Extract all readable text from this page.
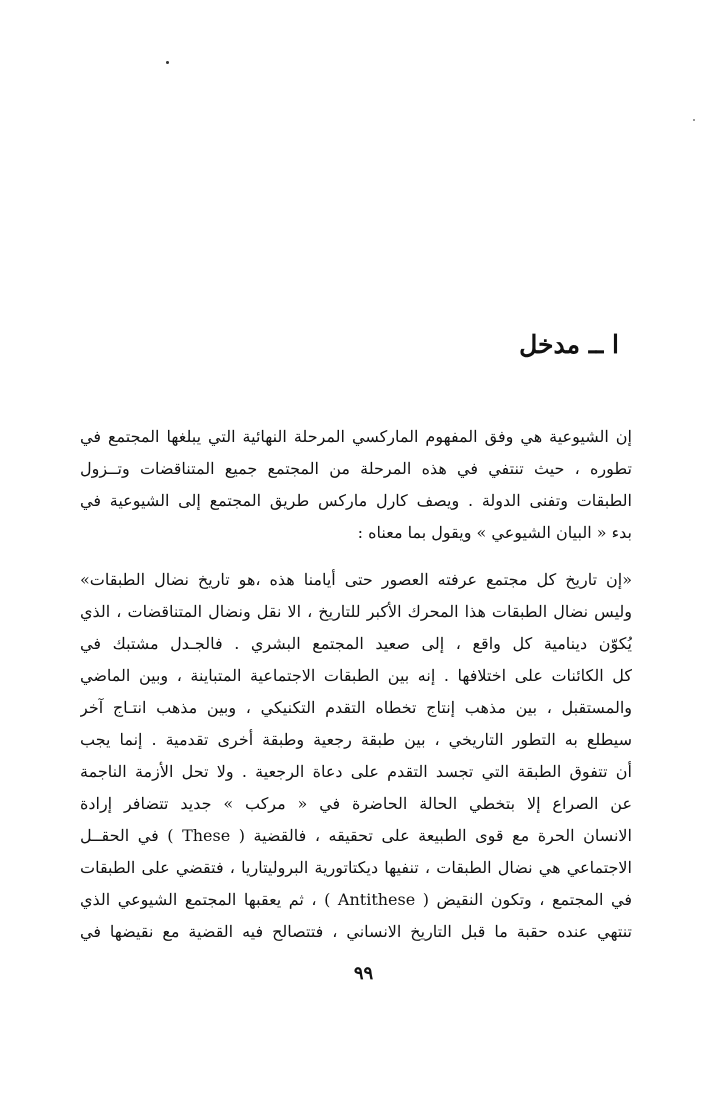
ا ــ مدخل
إن الشيوعية هي وفق المفهوم الماركسي المرحلة النهائية التي يبلغها المجتمع في
تطوره ، حيث تنتفي في هذه المرحلة من المجتمع جميع المتناقضات وتــزول
الطبقات وتفنى الدولة . ويصف كارل ماركس طريق المجتمع إلى الشيوعية في
بدء « البيان الشيوعي » ويقول بما معناه :
«إن تاريخ كل مجتمع عرفته العصور حتى أيامنا هذه ،هو تاريخ نضال الطبقات»
وليس نضال الطبقات هذا المحرك الأكبر للتاريخ ، الا نقل ونضال المتناقضات ، الذي
يُكوّن دينامية كل واقع ، إلى صعيد المجتمع البشري . فالجـدل مشتبك في
كل الكائنات على اختلافها . إنه بين الطبقات الاجتماعية المتباينة ، وبين الماضي
والمستقبل ، بين مذهب إنتاج تخطاه التقدم التكنيكي ، وبين مذهب انتـاج آخر
سيطلع به التطور التاريخي ، بين طبقة رجعية وطبقة أخرى تقدمية . إنما يجب
أن تتفوق الطبقة التي تجسد التقدم على دعاة الرجعية . ولا تحل الأزمة الناجمة
عن الصراع إلا بتخطي الحالة الحاضرة في « مركب » جديد تتضافر إرادة
الانسان الحرة مع قوى الطبيعة على تحقيقه ، فالقضية ( These ) في الحقــل
الاجتماعي هي نضال الطبقات ، تنفيها ديكتاتورية البروليتاريا ، فتقضي على الطبقات
في المجتمع ، وتكون النقيض ( Antithese ) ، ثم يعقبها المجتمع الشيوعي الذي
تنتهي عنده حقبة ما قبل التاريخ الانساني ، فتتصالح فيه القضية مع نقيضها في
٩٩
